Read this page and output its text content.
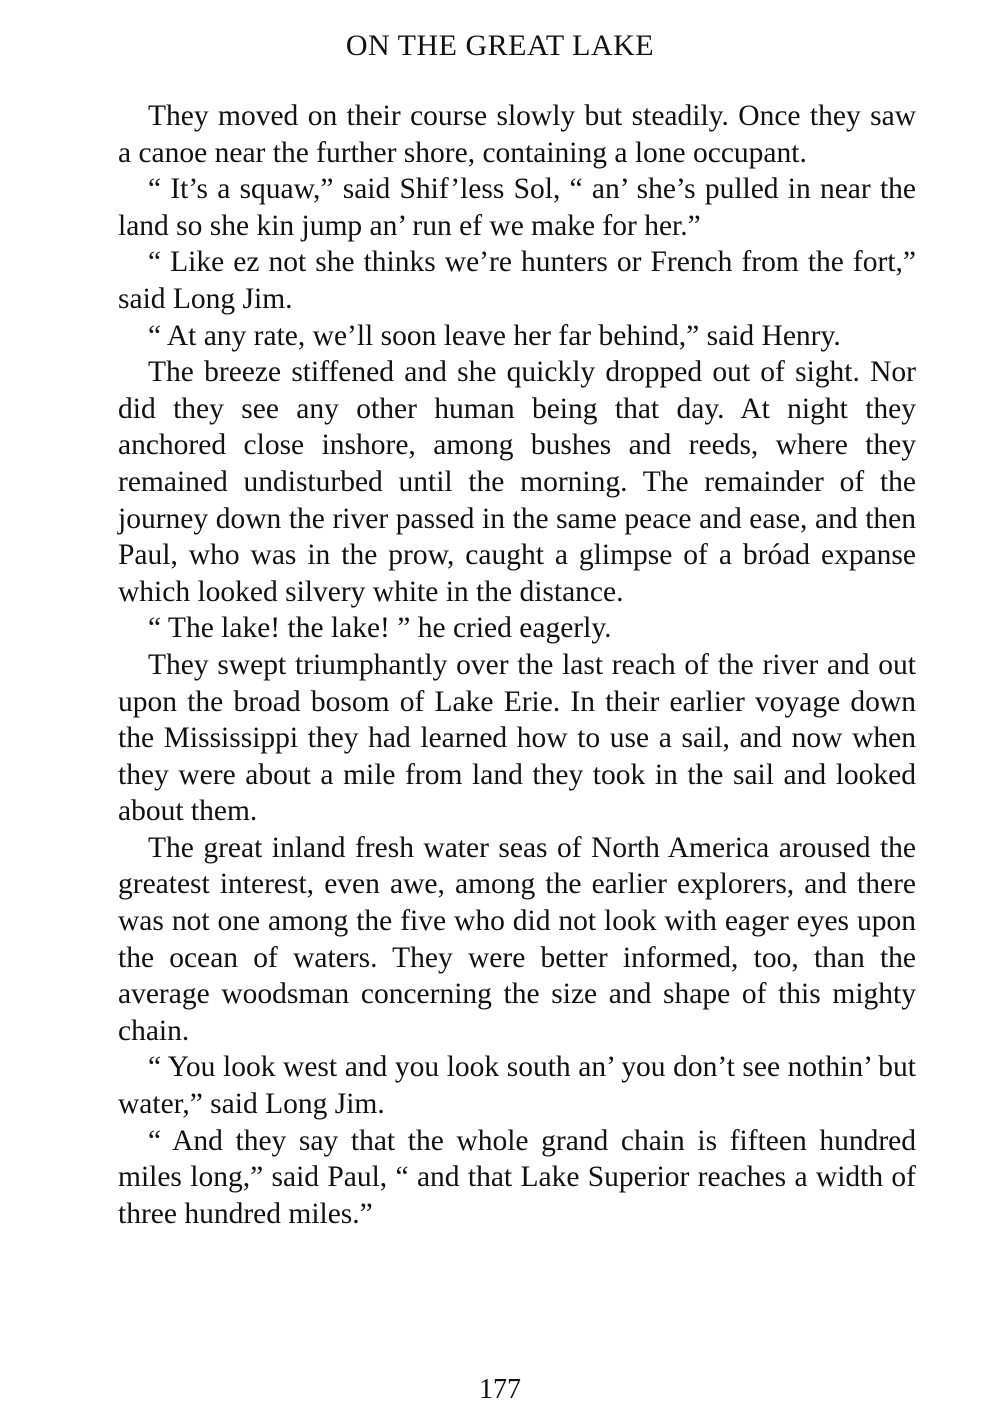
ON THE GREAT LAKE

They moved on their course slowly but steadily. Once they saw a canoe near the further shore, containing a lone occupant.

“ It’s a squaw,” said Shif’less Sol, “ an’ she’s pulled in near the land so she kin jump an’ run ef we make for her.”

“ Like ez not she thinks we’re hunters or French from the fort,” said Long Jim.

“ At any rate, we’ll soon leave her far behind,” said Henry.

The breeze stiffened and she quickly dropped out of sight. Nor did they see any other human being that day. At night they anchored close inshore, among bushes and reeds, where they remained undisturbed until the morning. The remainder of the journey down the river passed in the same peace and ease, and then Paul, who was in the prow, caught a glimpse of a bróad expanse which looked silvery white in the distance.

“ The lake! the lake! ” he cried eagerly.

They swept triumphantly over the last reach of the river and out upon the broad bosom of Lake Erie. In their earlier voyage down the Mississippi they had learned how to use a sail, and now when they were about a mile from land they took in the sail and looked about them.

The great inland fresh water seas of North America aroused the greatest interest, even awe, among the earlier explorers, and there was not one among the five who did not look with eager eyes upon the ocean of waters. They were better informed, too, than the average woodsman concerning the size and shape of this mighty chain.

“ You look west and you look south an’ you don’t see nothin’ but water,” said Long Jim.

“ And they say that the whole grand chain is fifteen hundred miles long,” said Paul, “ and that Lake Superior reaches a width of three hundred miles.”

177
